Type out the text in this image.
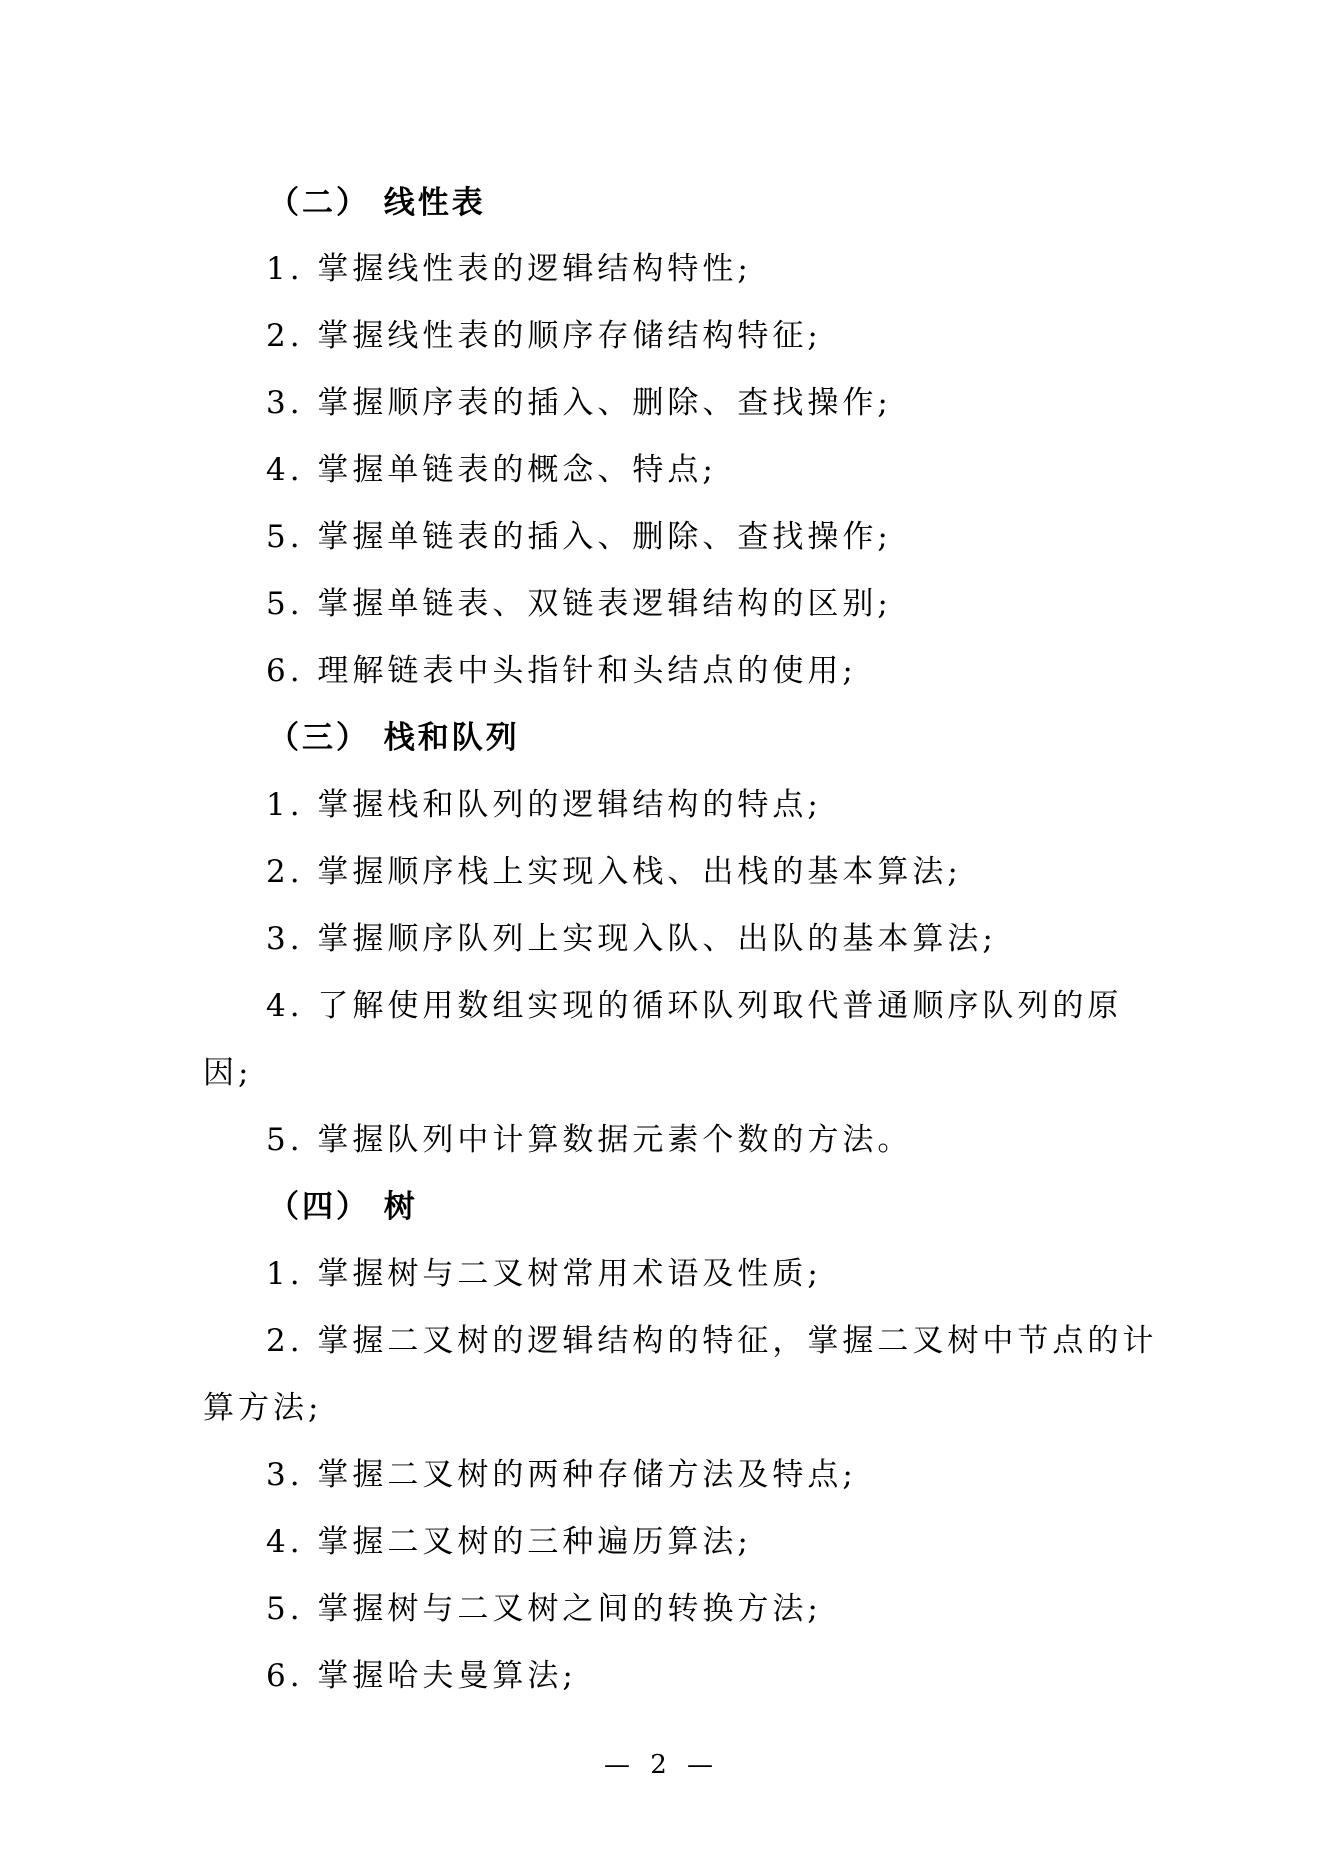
（二） 线性表
1. 掌握线性表的逻辑结构特性;
2. 掌握线性表的顺序存储结构特征;
3. 掌握顺序表的插入、删除、查找操作;
4. 掌握单链表的概念、特点;
5. 掌握单链表的插入、删除、查找操作;
5. 掌握单链表、双链表逻辑结构的区别;
6. 理解链表中头指针和头结点的使用;
（三） 栈和队列
1. 掌握栈和队列的逻辑结构的特点;
2. 掌握顺序栈上实现入栈、出栈的基本算法;
3. 掌握顺序队列上实现入队、出队的基本算法;
4. 了解使用数组实现的循环队列取代普通顺序队列的原
因;
5. 掌握队列中计算数据元素个数的方法。
（四） 树
1. 掌握树与二叉树常用术语及性质;
2. 掌握二叉树的逻辑结构的特征，掌握二叉树中节点的计
算方法;
3. 掌握二叉树的两种存储方法及特点;
4. 掌握二叉树的三种遍历算法;
5. 掌握树与二叉树之间的转换方法;
6. 掌握哈夫曼算法;
— 2 —
